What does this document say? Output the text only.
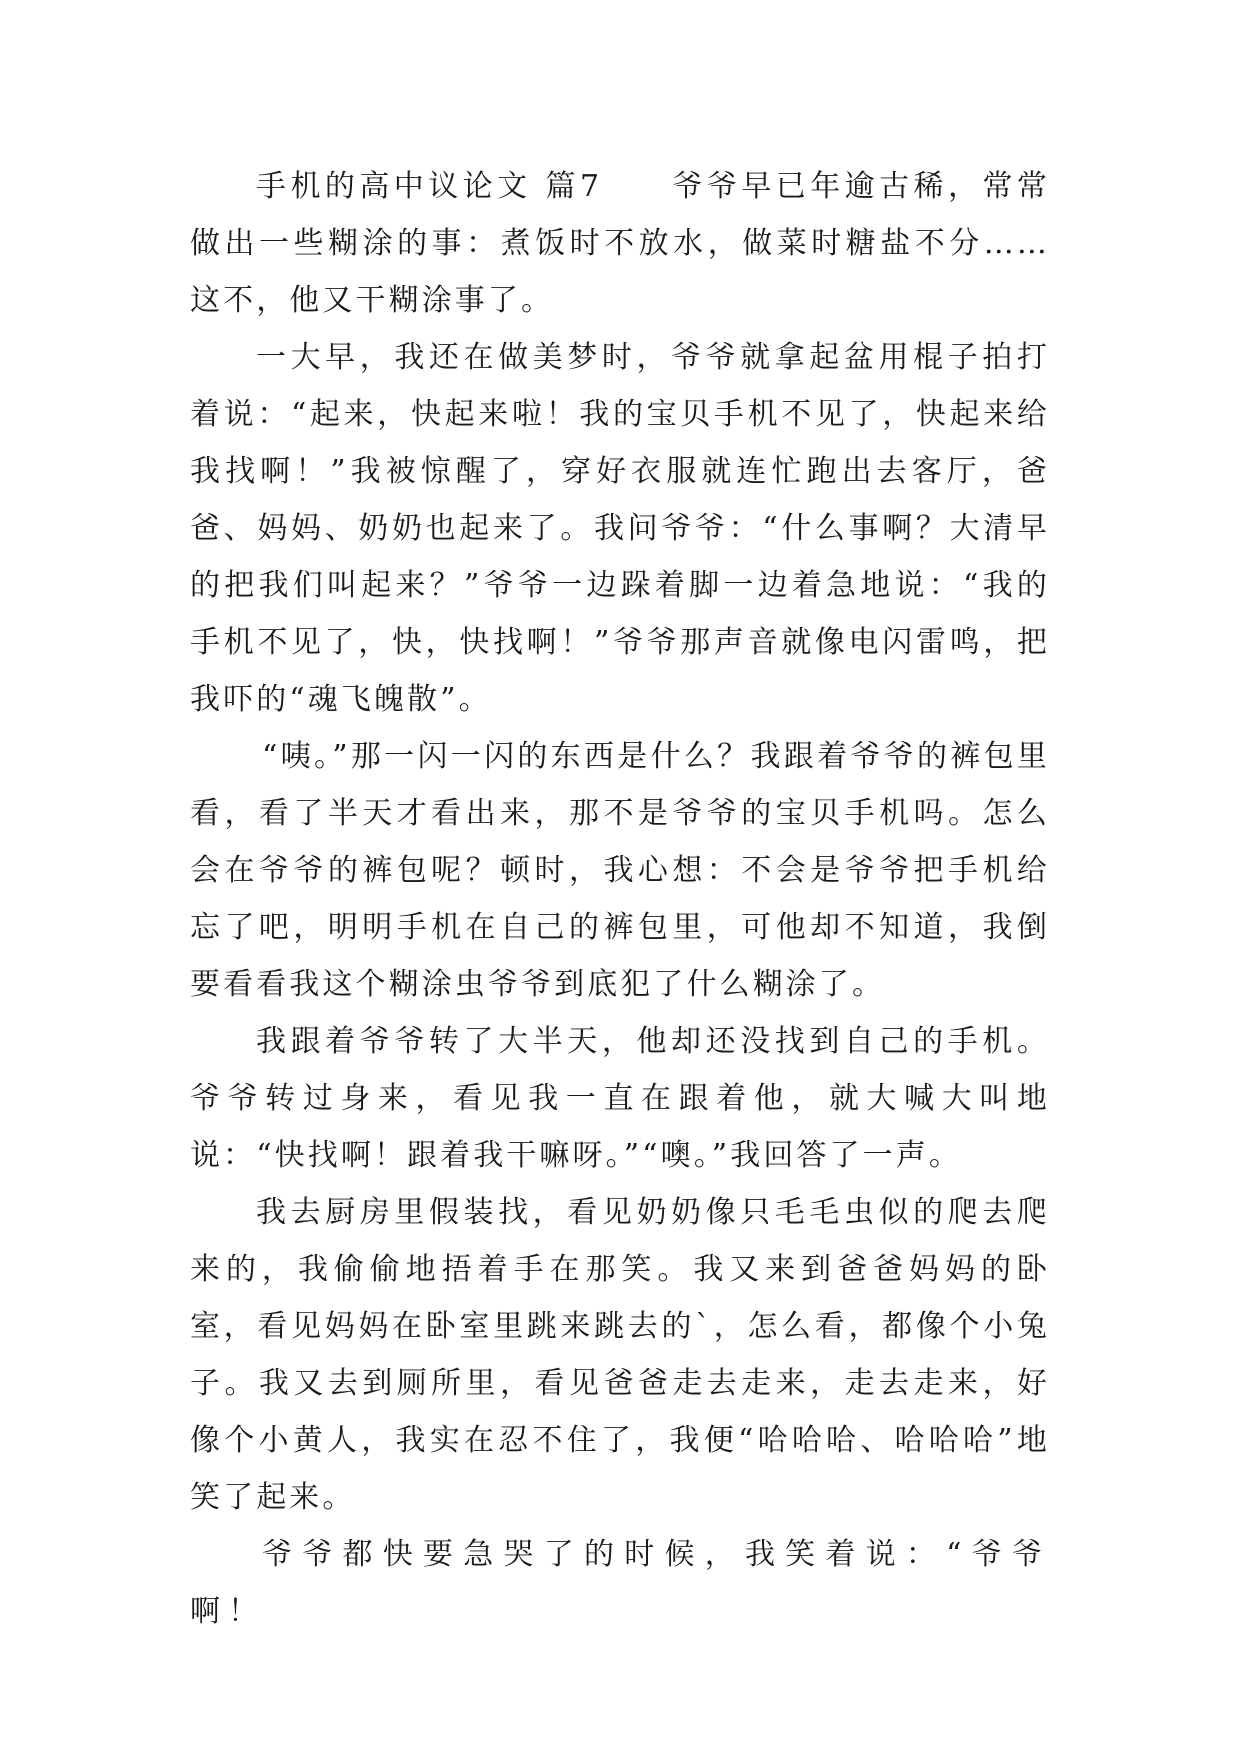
手机的高中议论文 篇7　　爷爷早已年逾古稀，常常做出一些糊涂的事：煮饭时不放水，做菜时糖盐不分……这不，他又干糊涂事了。

一大早，我还在做美梦时，爷爷就拿起盆用棍子拍打着说：“起来，快起来啦！我的宝贝手机不见了，快起来给我找啊！”我被惊醒了，穿好衣服就连忙跑出去客厅，爸爸、妈妈、奶奶也起来了。我问爷爷：“什么事啊？大清早的把我们叫起来？”爷爷一边跺着脚一边着急地说：“我的手机不见了，快，快找啊！”爷爷那声音就像电闪雷鸣，把我吓的“魂飞魄散”。

“咦。”那一闪一闪的东西是什么？我跟着爷爷的裤包里看，看了半天才看出来，那不是爷爷的宝贝手机吗。怎么会在爷爷的裤包呢？顿时，我心想：不会是爷爷把手机给忘了吧，明明手机在自己的裤包里，可他却不知道，我倒要看看我这个糊涂虫爷爷到底犯了什么糊涂了。

我跟着爷爷转了大半天，他却还没找到自己的手机。爷爷转过身来，看见我一直在跟着他，就大喊大叫地说：“快找啊！跟着我干嘛呀。”“噢。”我回答了一声。

我去厨房里假装找，看见奶奶像只毛毛虫似的爬去爬来的，我偷偷地捂着手在那笑。我又来到爸爸妈妈的卧室，看见妈妈在卧室里跳来跳去的`，怎么看，都像个小兔子。我又去到厕所里，看见爸爸走去走来，走去走来，好像个小黄人，我实在忍不住了，我便“哈哈哈、哈哈哈”地笑了起来。

爷爷都快要急哭了的时候，我笑着说：“爷爷啊！
